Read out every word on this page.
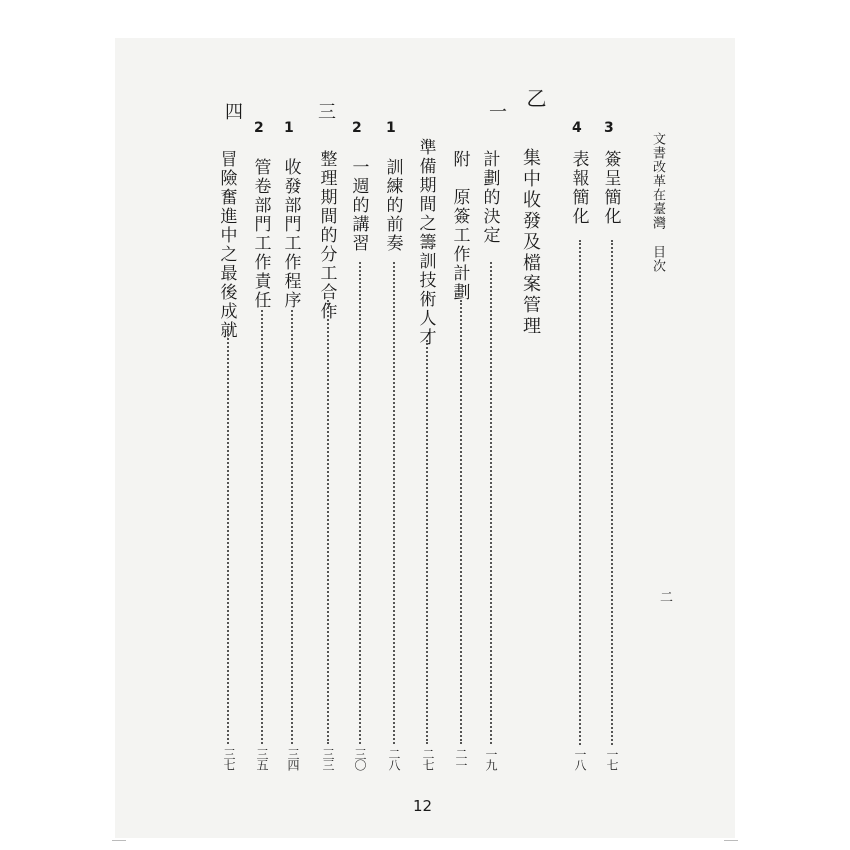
文書改革在臺灣
目次
二
3
簽呈簡化
一七
4
表報簡化
一八
乙
集中收發及檔案管理
一
計劃的決定
一九
附　原簽工作計劃
二一
準備期間之籌訓技術人才
二七
1
訓練的前奏
二八
2
一週的講習
三〇
三
整理期間的分工合作
三三
1
收發部門工作程序
三四
2
管卷部門工作責任
三五
四
冒險奮進中之最後成就
三七
12
